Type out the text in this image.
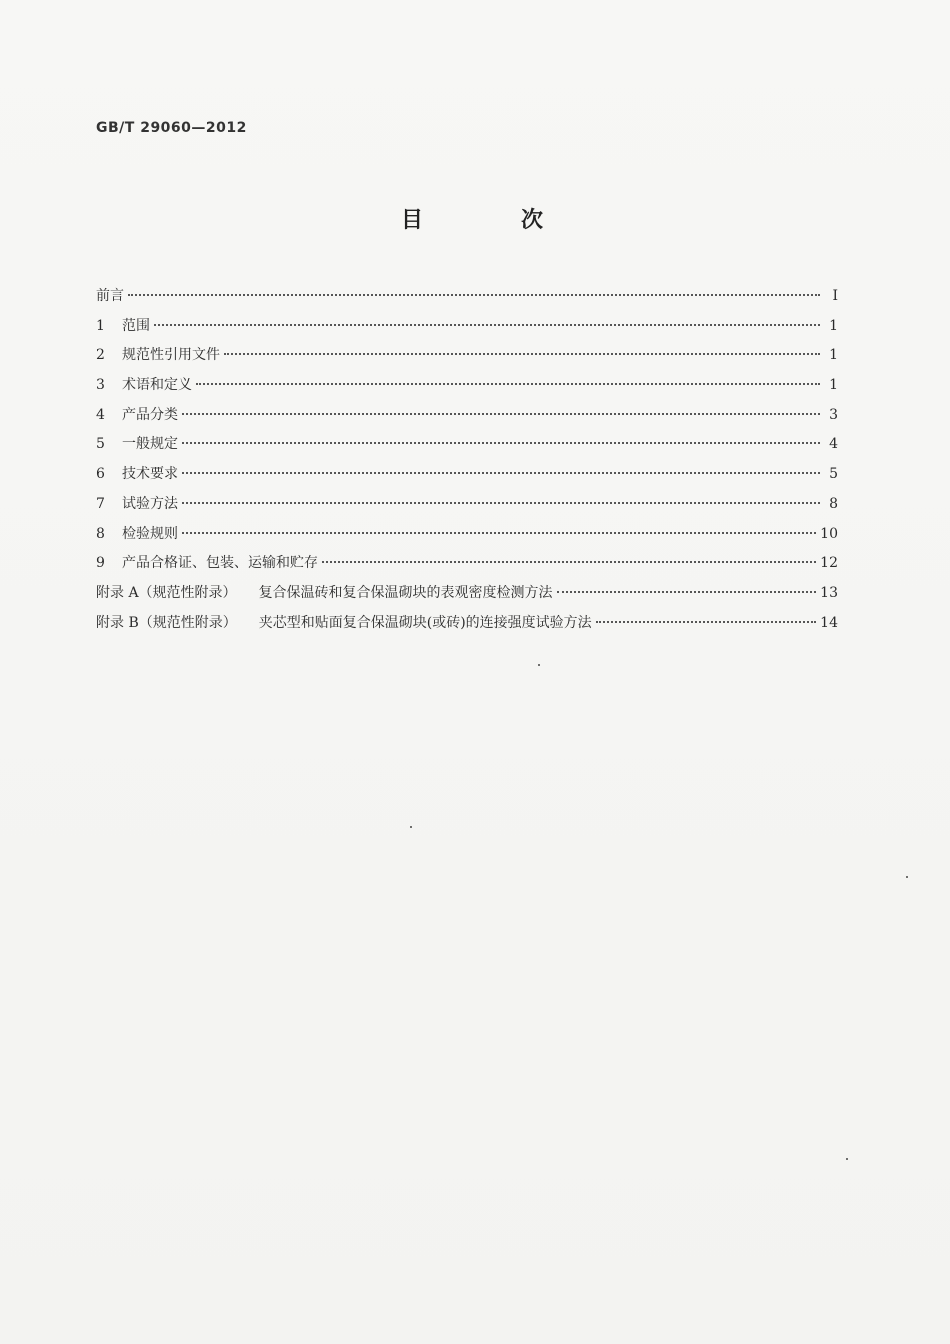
GB/T 29060—2012
目　次
前言	Ⅰ
1	范围	1
2	规范性引用文件	1
3	术语和定义	1
4	产品分类	3
5	一般规定	4
6	技术要求	5
7	试验方法	8
8	检验规则	10
9	产品合格证、包装、运输和贮存	12
附录 A（规范性附录） 复合保温砖和复合保温砌块的表观密度检测方法	13
附录 B（规范性附录） 夹芯型和贴面复合保温砌块(或砖)的连接强度试验方法	14
